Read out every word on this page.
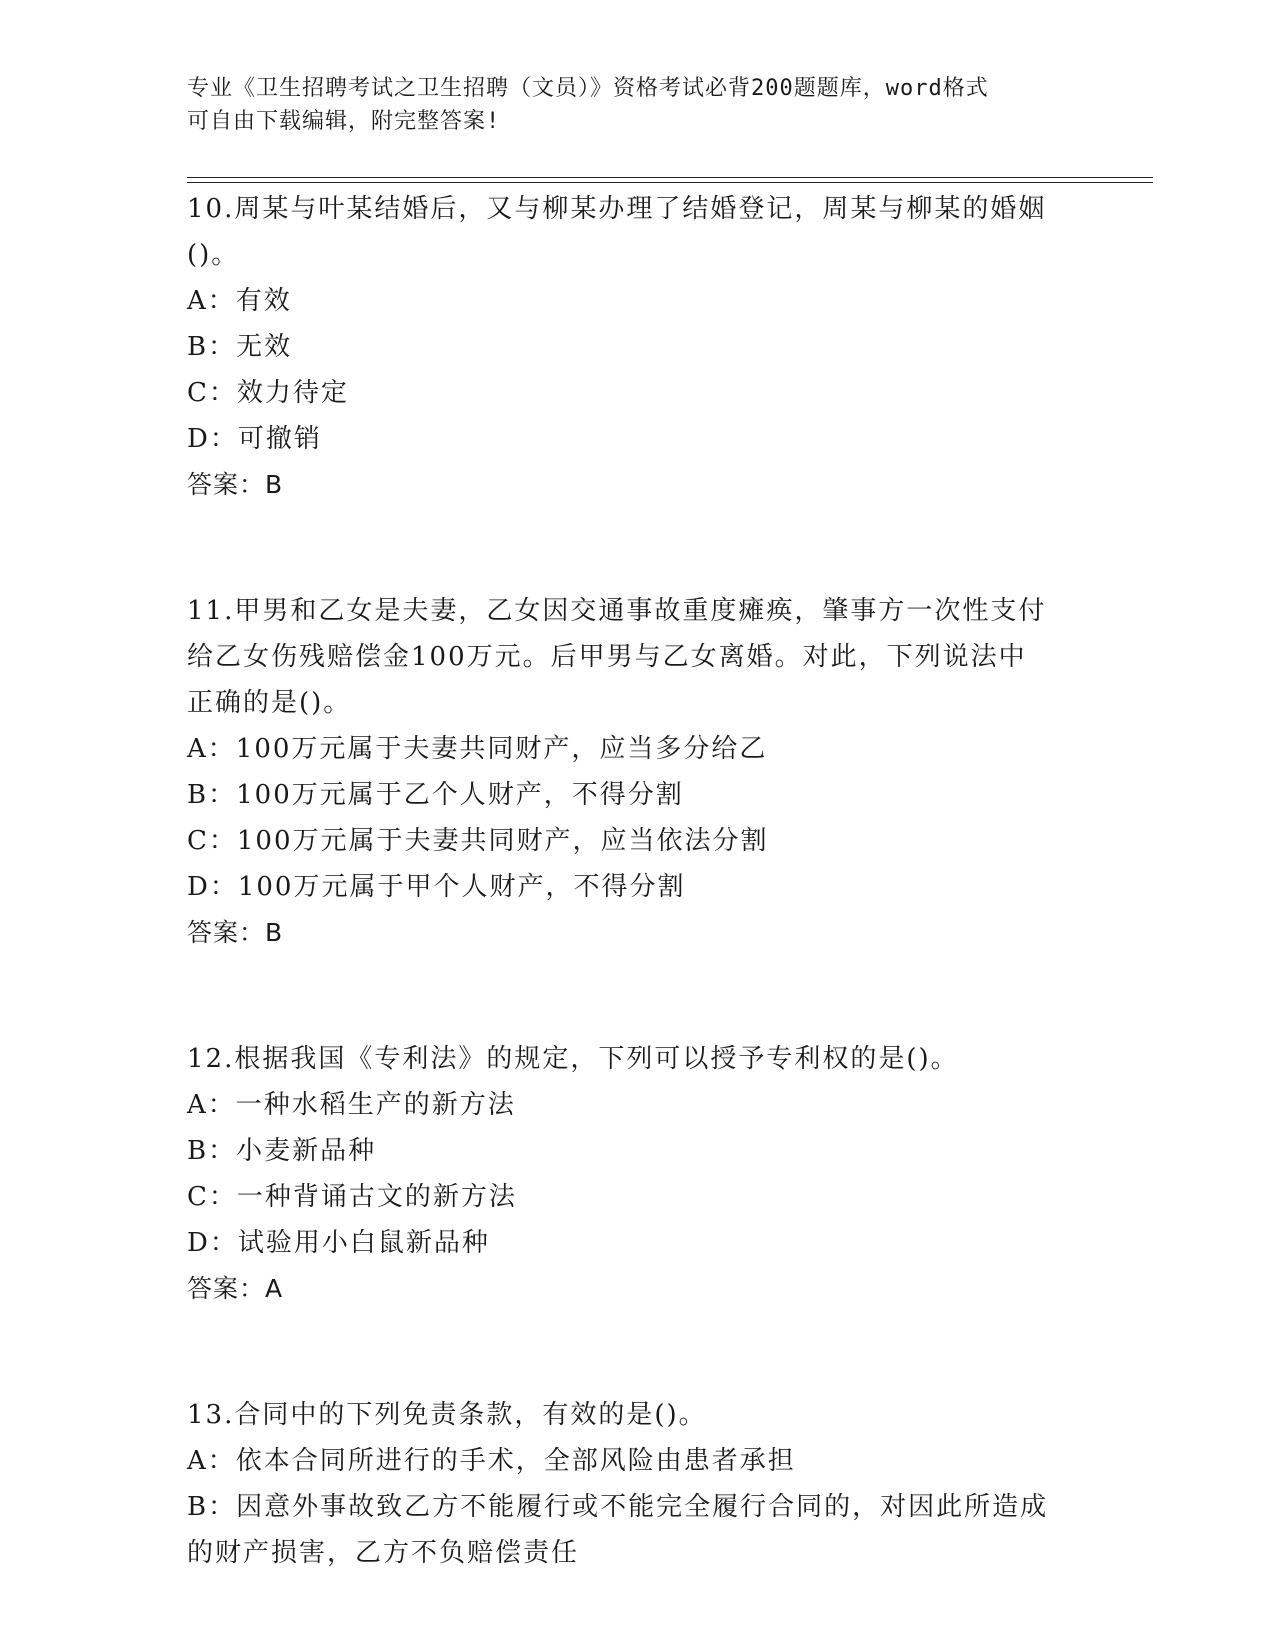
专业《卫生招聘考试之卫生招聘（文员）》资格考试必背200题题库，word格式

可自由下载编辑，附完整答案!

10.周某与叶某结婚后，又与柳某办理了结婚登记，周某与柳某的婚姻

()。

A：有效

B：无效

C：效力待定

D：可撤销

答案：B

11.甲男和乙女是夫妻，乙女因交通事故重度瘫痪，肇事方一次性支付

给乙女伤残赔偿金100万元。后甲男与乙女离婚。对此，下列说法中

正确的是()。

A：100万元属于夫妻共同财产，应当多分给乙

B：100万元属于乙个人财产，不得分割

C：100万元属于夫妻共同财产，应当依法分割

D：100万元属于甲个人财产，不得分割

答案：B

12.根据我国《专利法》的规定，下列可以授予专利权的是()。

A：一种水稻生产的新方法

B：小麦新品种

C：一种背诵古文的新方法

D：试验用小白鼠新品种

答案：A

13.合同中的下列免责条款，有效的是()。

A：依本合同所进行的手术，全部风险由患者承担

B：因意外事故致乙方不能履行或不能完全履行合同的，对因此所造成

的财产损害，乙方不负赔偿责任
